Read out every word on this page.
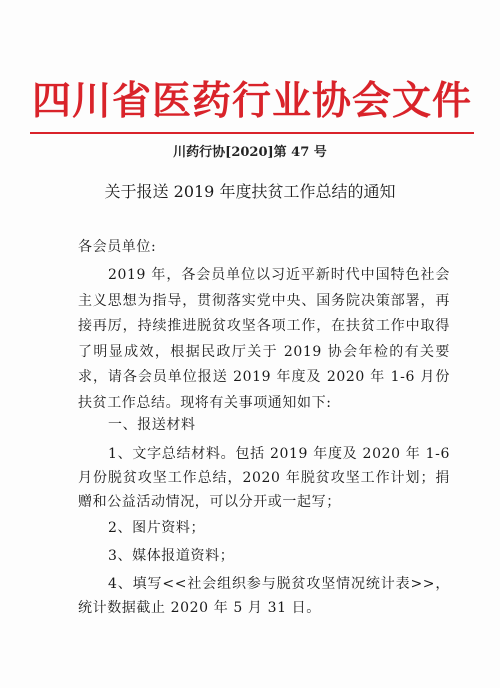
四川省医药行业协会文件
川药行协[2020]第 47 号
关于报送 2019 年度扶贫工作总结的通知
各会员单位:
2019 年，各会员单位以习近平新时代中国特色社会主义思想为指导，贯彻落实党中央、国务院决策部署，再接再厉，持续推进脱贫攻坚各项工作，在扶贫工作中取得了明显成效，根据民政厅关于 2019 协会年检的有关要求，请各会员单位报送 2019 年度及 2020 年 1-6 月份扶贫工作总结。现将有关事项通知如下:
一、报送材料
1、文字总结材料。包括 2019 年度及 2020 年 1-6 月份脱贫攻坚工作总结，2020 年脱贫攻坚工作计划；捐赠和公益活动情况，可以分开或一起写；
2、图片资料；
3、媒体报道资料；
4、填写<<社会组织参与脱贫攻坚情况统计表>>，统计数据截止 2020 年 5 月 31 日。
